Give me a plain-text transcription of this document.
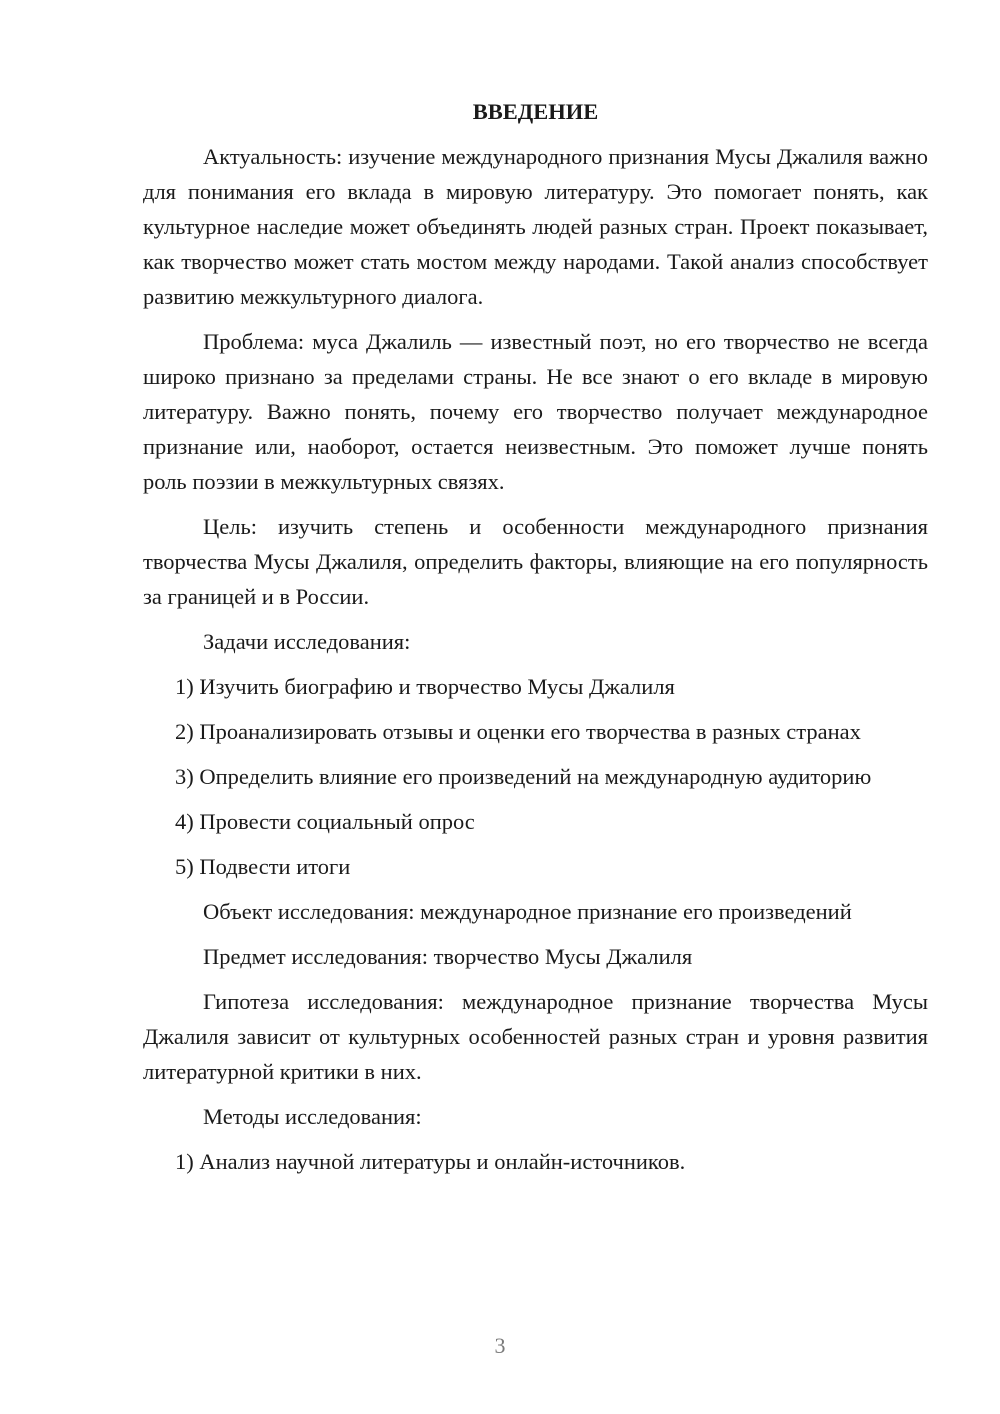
ВВЕДЕНИЕ

Актуальность: изучение международного признания Мусы Джалиля важно для понимания его вклада в мировую литературу. Это помогает понять, как культурное наследие может объединять людей разных стран. Проект показывает, как творчество может стать мостом между народами. Такой анализ способствует развитию межкультурного диалога.

Проблема: муса Джалиль — известный поэт, но его творчество не всегда широко признано за пределами страны. Не все знают о его вкладе в мировую литературу. Важно понять, почему его творчество получает международное признание или, наоборот, остается неизвестным. Это поможет лучше понять роль поэзии в межкультурных связях.

Цель: изучить степень и особенности международного признания творчества Мусы Джалиля, определить факторы, влияющие на его популярность за границей и в России.

Задачи исследования:

1) Изучить биографию и творчество Мусы Джалиля

2) Проанализировать отзывы и оценки его творчества в разных странах

3) Определить влияние его произведений на международную аудиторию

4) Провести социальный опрос

5) Подвести итоги

Объект исследования: международное признание его произведений

Предмет исследования: творчество Мусы Джалиля

Гипотеза исследования: международное признание творчества Мусы Джалиля зависит от культурных особенностей разных стран и уровня развития литературной критики в них.

Методы исследования:

1) Анализ научной литературы и онлайн-источников.

3
